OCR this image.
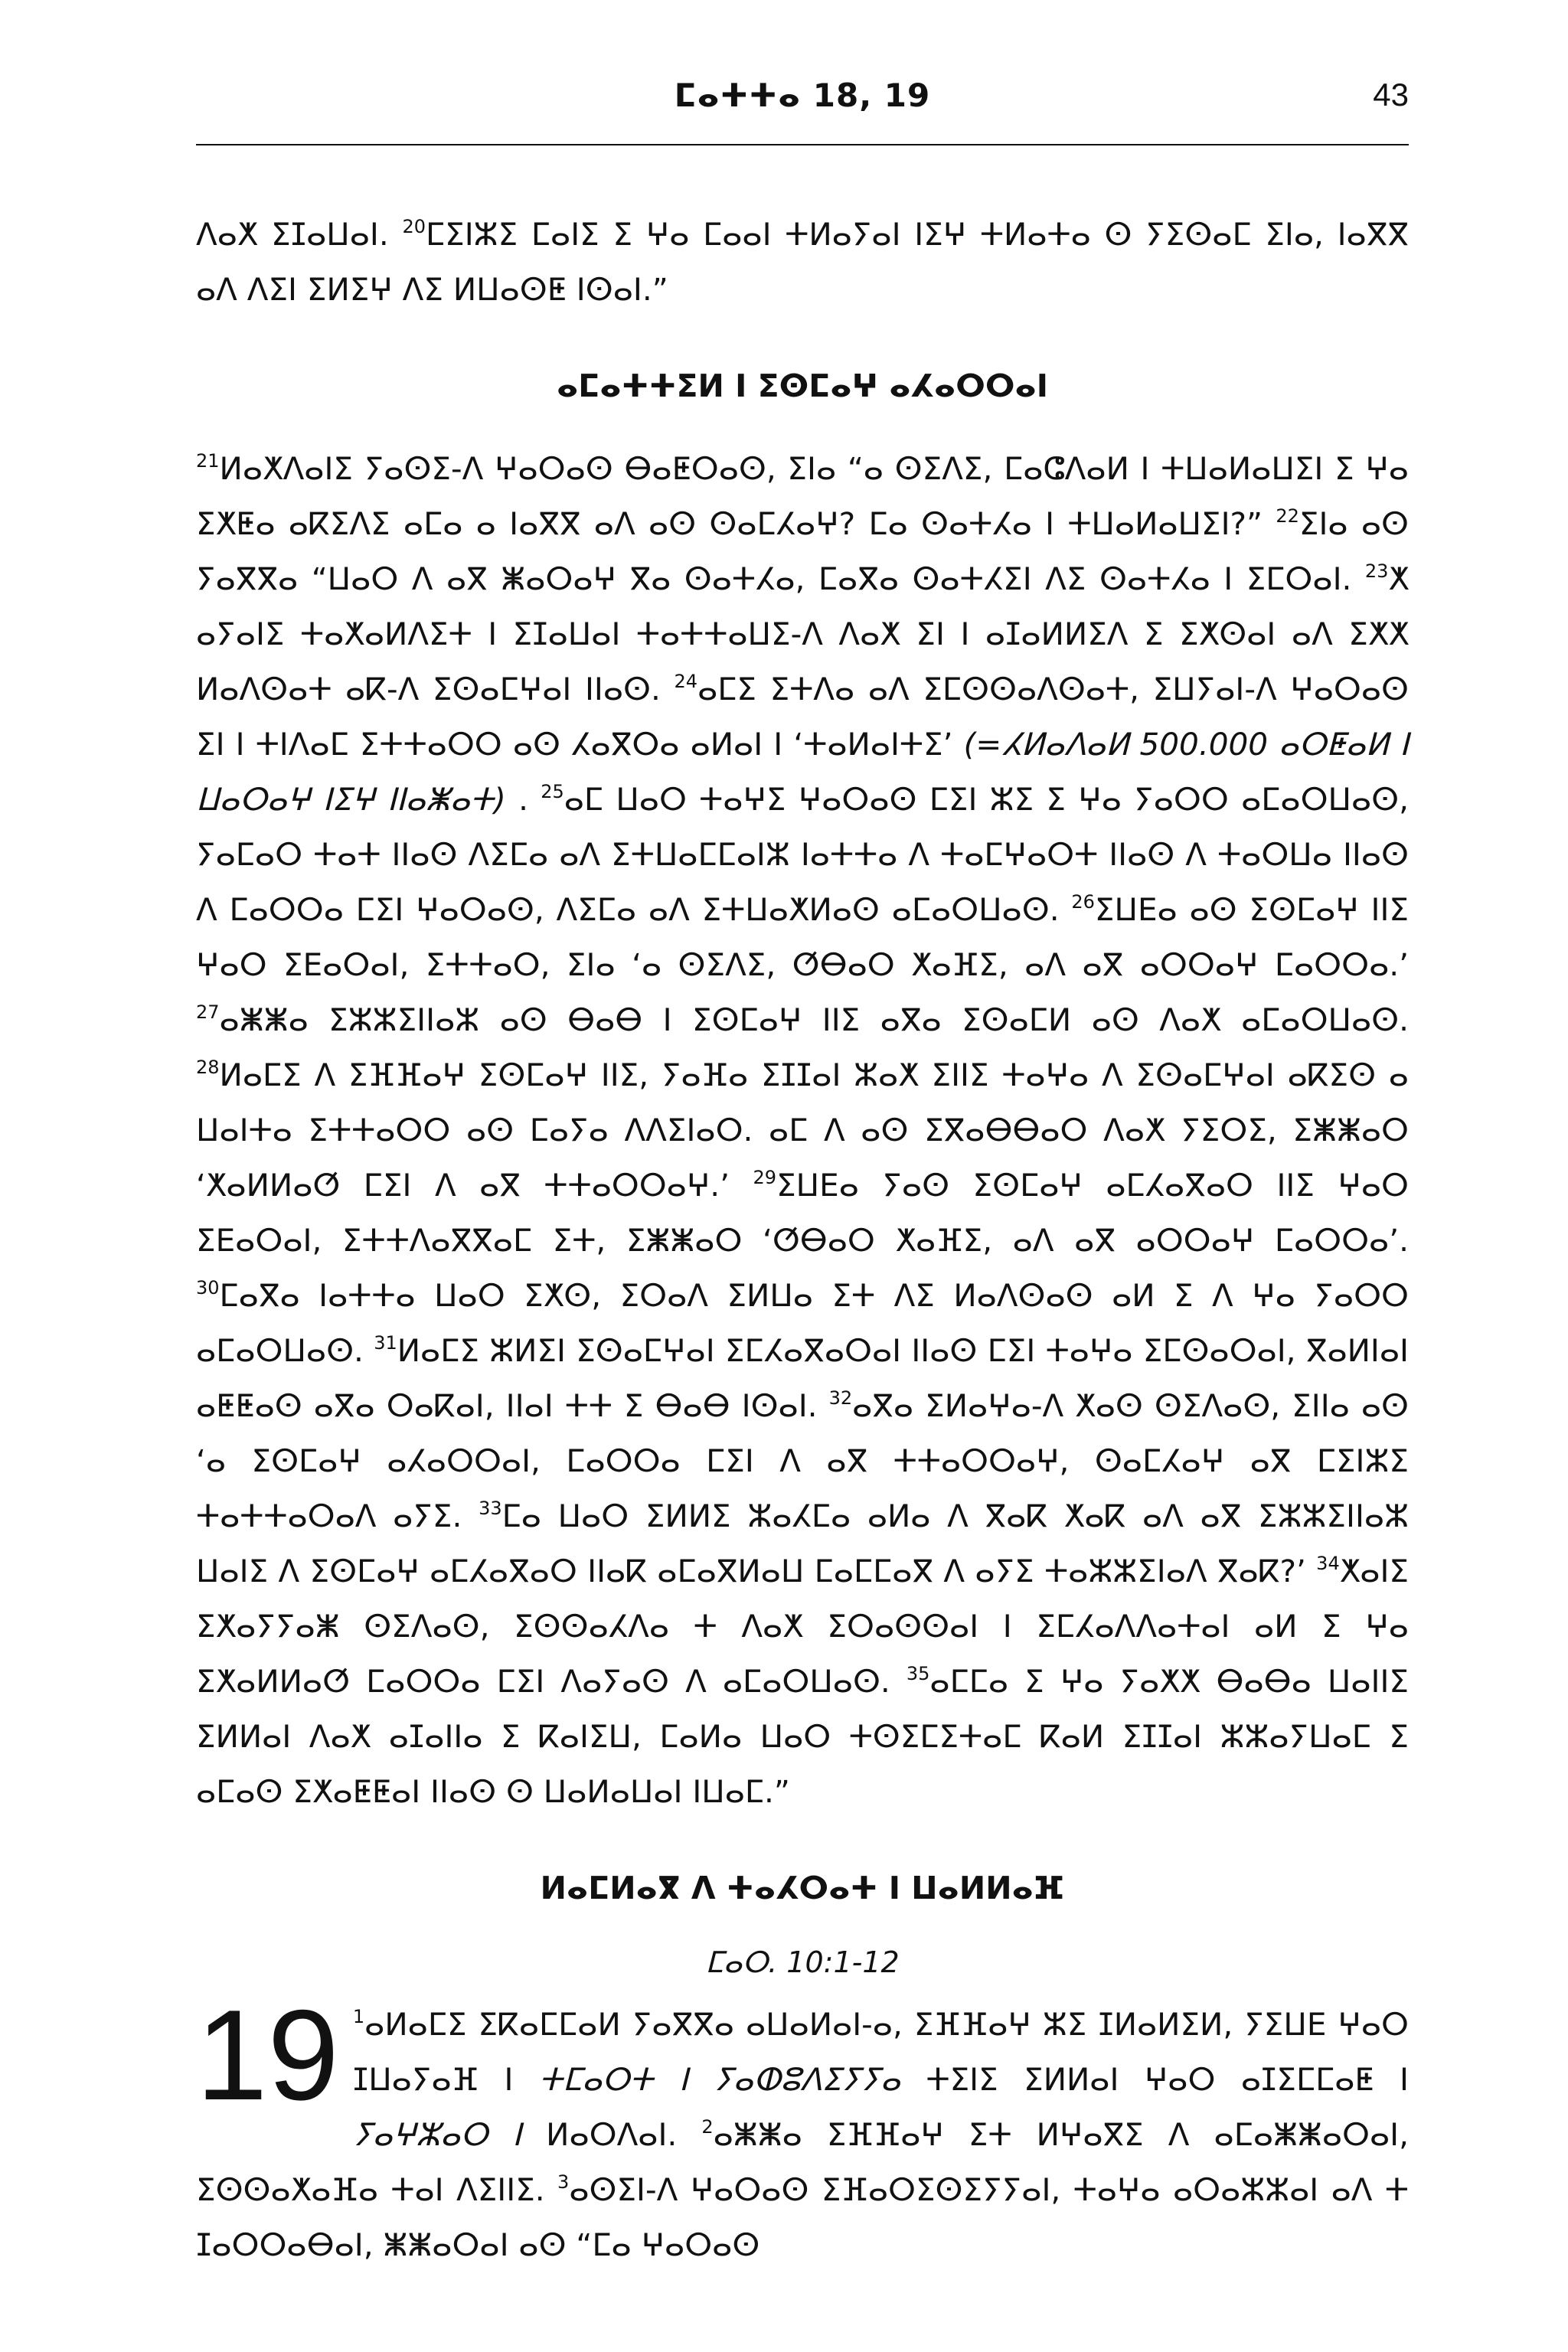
ⵎⴰⵜⵜⴰ 18, 19	43

ⴷⴰⵅ ⵉⵊⴰⵡⴰⵏ. $^{20}$ⵎⵉⵏⵣⵉ ⵎⴰⵏⵉ ⵉ ⵖⴰ ⵎⴰⴰⵏ ⵜⵍⴰⵢⴰⵏ ⵏⵉⵖ ⵜⵍⴰⵜⴰ ⵙ ⵢⵉⵙⴰⵎ ⵉⵏⴰ, ⵏⴰⴳⴳ ⴰⴷ ⴷⵉⵏ ⵉⵍⵉⵖ ⴷⵉ ⵍⵡⴰⵙⵟ ⵏⵙⴰⵏ.”

ⴰⵎⴰⵜⵜⵉⵍ ⵏ ⵉⵙⵎⴰⵖ ⴰⵃⴰⵔⵔⴰⵏ

$^{21}$ⵍⴰⵅⴷⴰⵏⵉ ⵢⴰⵙⵉ-ⴷ ⵖⴰⵔⴰⵙ ⴱⴰⵟⵔⴰⵙ, ⵉⵏⴰ “ⴰ ⵙⵉⴷⵉ, ⵎⴰⵛⴷⴰⵍ ⵏ ⵜⵡⴰⵍⴰⵡⵉⵏ ⵉ ⵖⴰ ⵉⵅⵟⴰ ⴰⴽⵉⴷⵉ ⴰⵎⴰ ⴰ ⵏⴰⴳⴳ ⴰⴷ ⴰⵙ ⵙⴰⵎⵃⴰⵖ? ⵎⴰ ⵙⴰⵜⵃⴰ ⵏ ⵜⵡⴰⵍⴰⵡⵉⵏ?” $^{22}$ⵉⵏⴰ ⴰⵙ ⵢⴰⴳⴳⴰ “ⵡⴰⵔ ⴷ ⴰⴳ ⵥⴰⵔⴰⵖ ⴳⴰ ⵙⴰⵜⵃⴰ, ⵎⴰⴳⴰ ⵙⴰⵜⵃⵉⵏ ⴷⵉ ⵙⴰⵜⵃⴰ ⵏ ⵉⵎⵔⴰⵏ. $^{23}$ⵅ ⴰⵢⴰⵏⵉ ⵜⴰⵅⴰⵍⴷⵉⵜ ⵏ ⵉⵊⴰⵡⴰⵏ ⵜⴰⵜⵜⴰⵡⵉ-ⴷ ⴷⴰⵅ ⵉⵏ ⵏ ⴰⵊⴰⵍⵍⵉⴷ ⵉ ⵉⵅⵙⴰⵏ ⴰⴷ ⵉⵅⵅ ⵍⴰⴷⵙⴰⵜ ⴰⴽ-ⴷ ⵉⵙⴰⵎⵖⴰⵏ ⵏⵏⴰⵙ. $^{24}$ⴰⵎⵉ ⵉⵜⴷⴰ ⴰⴷ ⵉⵎⵙⵙⴰⴷⵙⴰⵜ, ⵉⵡⵢⴰⵏ-ⴷ ⵖⴰⵔⴰⵙ ⵉⵏ ⵏ ⵜⵏⴷⴰⵎ ⵉⵜⵜⴰⵔⵔ ⴰⵙ ⵃⴰⴳⵔⴰ ⴰⵍⴰⵏ ⵏ ‘ⵜⴰⵍⴰⵏⵜⵉ’ (=ⵃⵍⴰⴷⴰⵍ 500.000 ⴰⵔⵟⴰⵍ ⵏ ⵡⴰⵔⴰⵖ ⵏⵉⵖ ⵏⵏⴰⵥⴰⵜ) . $^{25}$ⴰⵎ ⵡⴰⵔ ⵜⴰⵖⵉ ⵖⴰⵔⴰⵙ ⵎⵉⵏ ⵣⵉ ⵉ ⵖⴰ ⵢⴰⵔⵔ ⴰⵎⴰⵔⵡⴰⵙ, ⵢⴰⵎⴰⵔ ⵜⴰⵜ ⵏⵏⴰⵙ ⴷⵉⵎⴰ ⴰⴷ ⵉⵜⵡⴰⵎⵎⴰⵏⵣ ⵏⴰⵜⵜⴰ ⴷ ⵜⴰⵎⵖⴰⵔⵜ ⵏⵏⴰⵙ ⴷ ⵜⴰⵔⵡⴰ ⵏⵏⴰⵙ ⴷ ⵎⴰⵔⵔⴰ ⵎⵉⵏ ⵖⴰⵔⴰⵙ, ⴷⵉⵎⴰ ⴰⴷ ⵉⵜⵡⴰⵅⵍⴰⵙ ⴰⵎⴰⵔⵡⴰⵙ. $^{26}$ⵉⵡⴹⴰ ⴰⵙ ⵉⵙⵎⴰⵖ ⵏⵏⵉ ⵖⴰⵔ ⵉⴹⴰⵔⴰⵏ, ⵉⵜⵜⴰⵔ, ⵉⵏⴰ ‘ⴰ ⵙⵉⴷⵉ, ⵚⴱⴰⵔ ⵅⴰⴼⵉ, ⴰⴷ ⴰⴳ ⴰⵔⵔⴰⵖ ⵎⴰⵔⵔⴰ.’ $^{27}$ⴰⵥⵥⴰ ⵉⵣⵣⵉⵏⵏⴰⵣ ⴰⵙ ⴱⴰⴱ ⵏ ⵉⵙⵎⴰⵖ ⵏⵏⵉ ⴰⴳⴰ ⵉⵙⴰⵎⵍ ⴰⵙ ⴷⴰⵅ ⴰⵎⴰⵔⵡⴰⵙ. $^{28}$ⵍⴰⵎⵉ ⴷ ⵉⴼⴼⴰⵖ ⵉⵙⵎⴰⵖ ⵏⵏⵉ, ⵢⴰⴼⴰ ⵉⵊⵊⴰⵏ ⵣⴰⵅ ⵉⵏⵏⵉ ⵜⴰⵖⴰ ⴷ ⵉⵙⴰⵎⵖⴰⵏ ⴰⴽⵉⵙ ⴰ ⵡⴰⵏⵜⴰ ⵉⵜⵜⴰⵔⵔ ⴰⵙ ⵎⴰⵢⴰ ⴷⴷⵉⵏⴰⵔ. ⴰⵎ ⴷ ⴰⵙ ⵉⴳⴰⴱⴱⴰⵔ ⴷⴰⵅ ⵢⵉⵔⵉ, ⵉⵥⵥⴰⵔ ‘ⵅⴰⵍⵍⴰⵚ ⵎⵉⵏ ⴷ ⴰⴳ ⵜⵜⴰⵔⵔⴰⵖ.’ $^{29}$ⵉⵡⴹⴰ ⵢⴰⵙ ⵉⵙⵎⴰⵖ ⴰⵎⵃⴰⴳⴰⵔ ⵏⵏⵉ ⵖⴰⵔ ⵉⴹⴰⵔⴰⵏ, ⵉⵜⵜⴷⴰⴳⴳⴰⵎ ⵉⵜ, ⵉⵥⵥⴰⵔ ‘ⵚⴱⴰⵔ ⵅⴰⴼⵉ, ⴰⴷ ⴰⴳ ⴰⵔⵔⴰⵖ ⵎⴰⵔⵔⴰ’. $^{30}$ⵎⴰⴳⴰ ⵏⴰⵜⵜⴰ ⵡⴰⵔ ⵉⵅⵙ, ⵉⵔⴰⴷ ⵉⵍⵡⴰ ⵉⵜ ⴷⵉ ⵍⴰⴷⵙⴰⵙ ⴰⵍ ⵉ ⴷ ⵖⴰ ⵢⴰⵔⵔ ⴰⵎⴰⵔⵡⴰⵙ. $^{31}$ⵍⴰⵎⵉ ⵣⵍⵉⵏ ⵉⵙⴰⵎⵖⴰⵏ ⵉⵎⵃⴰⴳⴰⵔⴰⵏ ⵏⵏⴰⵙ ⵎⵉⵏ ⵜⴰⵖⴰ ⵉⵎⵙⴰⵔⴰⵏ, ⴳⴰⵍⵏⴰⵏ ⴰⵟⵟⴰⵙ ⴰⴳⴰ ⵔⴰⴽⴰⵏ, ⵏⵏⴰⵏ ⵜⵜ ⵉ ⴱⴰⴱ ⵏⵙⴰⵏ. $^{32}$ⴰⴳⴰ ⵉⵍⴰⵖⴰ-ⴷ ⵅⴰⵙ ⵙⵉⴷⴰⵙ, ⵉⵏⵏⴰ ⴰⵙ ‘ⴰ ⵉⵙⵎⴰⵖ ⴰⵃⴰⵔⵔⴰⵏ, ⵎⴰⵔⵔⴰ ⵎⵉⵏ ⴷ ⴰⴳ ⵜⵜⴰⵔⵔⴰⵖ, ⵙⴰⵎⵃⴰⵖ ⴰⴳ ⵎⵉⵏⵣⵉ ⵜⴰⵜⵜⴰⵔⴰⴷ ⴰⵢⵉ. $^{33}$ⵎⴰ ⵡⴰⵔ ⵉⵍⵍⵉ ⵣⴰⵃⵎⴰ ⴰⵍⴰ ⴷ ⴳⴰⴽ ⵅⴰⴽ ⴰⴷ ⴰⴳ ⵉⵣⵣⵉⵏⵏⴰⵣ ⵡⴰⵏⵉ ⴷ ⵉⵙⵎⴰⵖ ⴰⵎⵃⴰⴳⴰⵔ ⵏⵏⴰⴽ ⴰⵎⴰⴳⵍⴰⵡ ⵎⴰⵎⵎⴰⴳ ⴷ ⴰⵢⵉ ⵜⴰⵣⵣⵉⵏⴰⴷ ⴳⴰⴽ?’ $^{34}$ⵅⴰⵏⵉ ⵉⵅⴰⵢⵢⴰⵥ ⵙⵉⴷⴰⵙ, ⵉⵙⵙⴰⵃⴷⴰ ⵜ ⴷⴰⵅ ⵉⵔⴰⵙⵙⴰⵏ ⵏ ⵉⵎⵃⴰⴷⴷⴰⵜⴰⵏ ⴰⵍ ⵉ ⵖⴰ ⵉⵅⴰⵍⵍⴰⵚ ⵎⴰⵔⵔⴰ ⵎⵉⵏ ⴷⴰⵢⴰⵙ ⴷ ⴰⵎⴰⵔⵡⴰⵙ. $^{35}$ⴰⵎⵎⴰ ⵉ ⵖⴰ ⵢⴰⵅⵅ ⴱⴰⴱⴰ ⵡⴰⵏⵏⵉ ⵉⵍⵍⴰⵏ ⴷⴰⵅ ⴰⵊⴰⵏⵏⴰ ⵉ ⴽⴰⵏⵉⵡ, ⵎⴰⵍⴰ ⵡⴰⵔ ⵜⵙⵉⵎⵉⵜⴰⵎ ⴽⴰⵍ ⵉⵊⵊⴰⵏ ⵣⵣⴰⵢⵡⴰⵎ ⵉ ⴰⵎⴰⵙ ⵉⵅⴰⵟⵟⴰⵏ ⵏⵏⴰⵙ ⵙ ⵡⴰⵍⴰⵡⴰⵏ ⵏⵡⴰⵎ.”

ⵍⴰⵎⵍⴰⴳ ⴷ ⵜⴰⵃⵔⴰⵜ ⵏ ⵡⴰⵍⵍⴰⴼ

ⵎⴰⵔ. 10:1-12

19 $^1$ⴰⵍⴰⵎⵉ ⵉⴽⴰⵎⵎⴰⵍ ⵢⴰⴳⴳⴰ ⴰⵡⴰⵍⴰⵏ-ⴰ, ⵉⴼⴼⴰⵖ ⵣⵉ ⵊⵍⴰⵍⵉⵍ, ⵢⵉⵡⴹ ⵖⴰⵔ ⵊⵡⴰⵢⴰⴼ ⵏ ⵜⵎⴰⵔⵜ ⵏ ⵢⴰⵀⵓⴷⵉⵢⵢⴰ ⵜⵉⵏⵉ ⵉⵍⵍⴰⵏ ⵖⴰⵔ ⴰⵊⵉⵎⵎⴰⵟ ⵏ ⵢⴰⵖⵣⴰⵔ ⵏ ⵍⴰⵔⴷⴰⵏ. $^2$ⴰⵥⵥⴰ ⵉⴼⴼⴰⵖ ⵉⵜ ⵍⵖⴰⴳⵉ ⴷ ⴰⵎⴰⵥⵥⴰⵔⴰⵏ, ⵉⵙⵙⴰⵅⴰⴼⴰ ⵜⴰⵏ ⴷⵉⵏⵏⵉ. $^3$ⴰⵙⵉⵏ-ⴷ ⵖⴰⵔⴰⵙ ⵉⴼⴰⵔⵉⵙⵉⵢⵢⴰⵏ, ⵜⴰⵖⴰ ⴰⵔⴰⵣⵣⴰⵏ ⴰⴷ ⵜ ⵊⴰⵔⵔⴰⴱⴰⵏ, ⵥⵥⴰⵔⴰⵏ ⴰⵙ “ⵎⴰ ⵖⴰⵔⴰⵙ
